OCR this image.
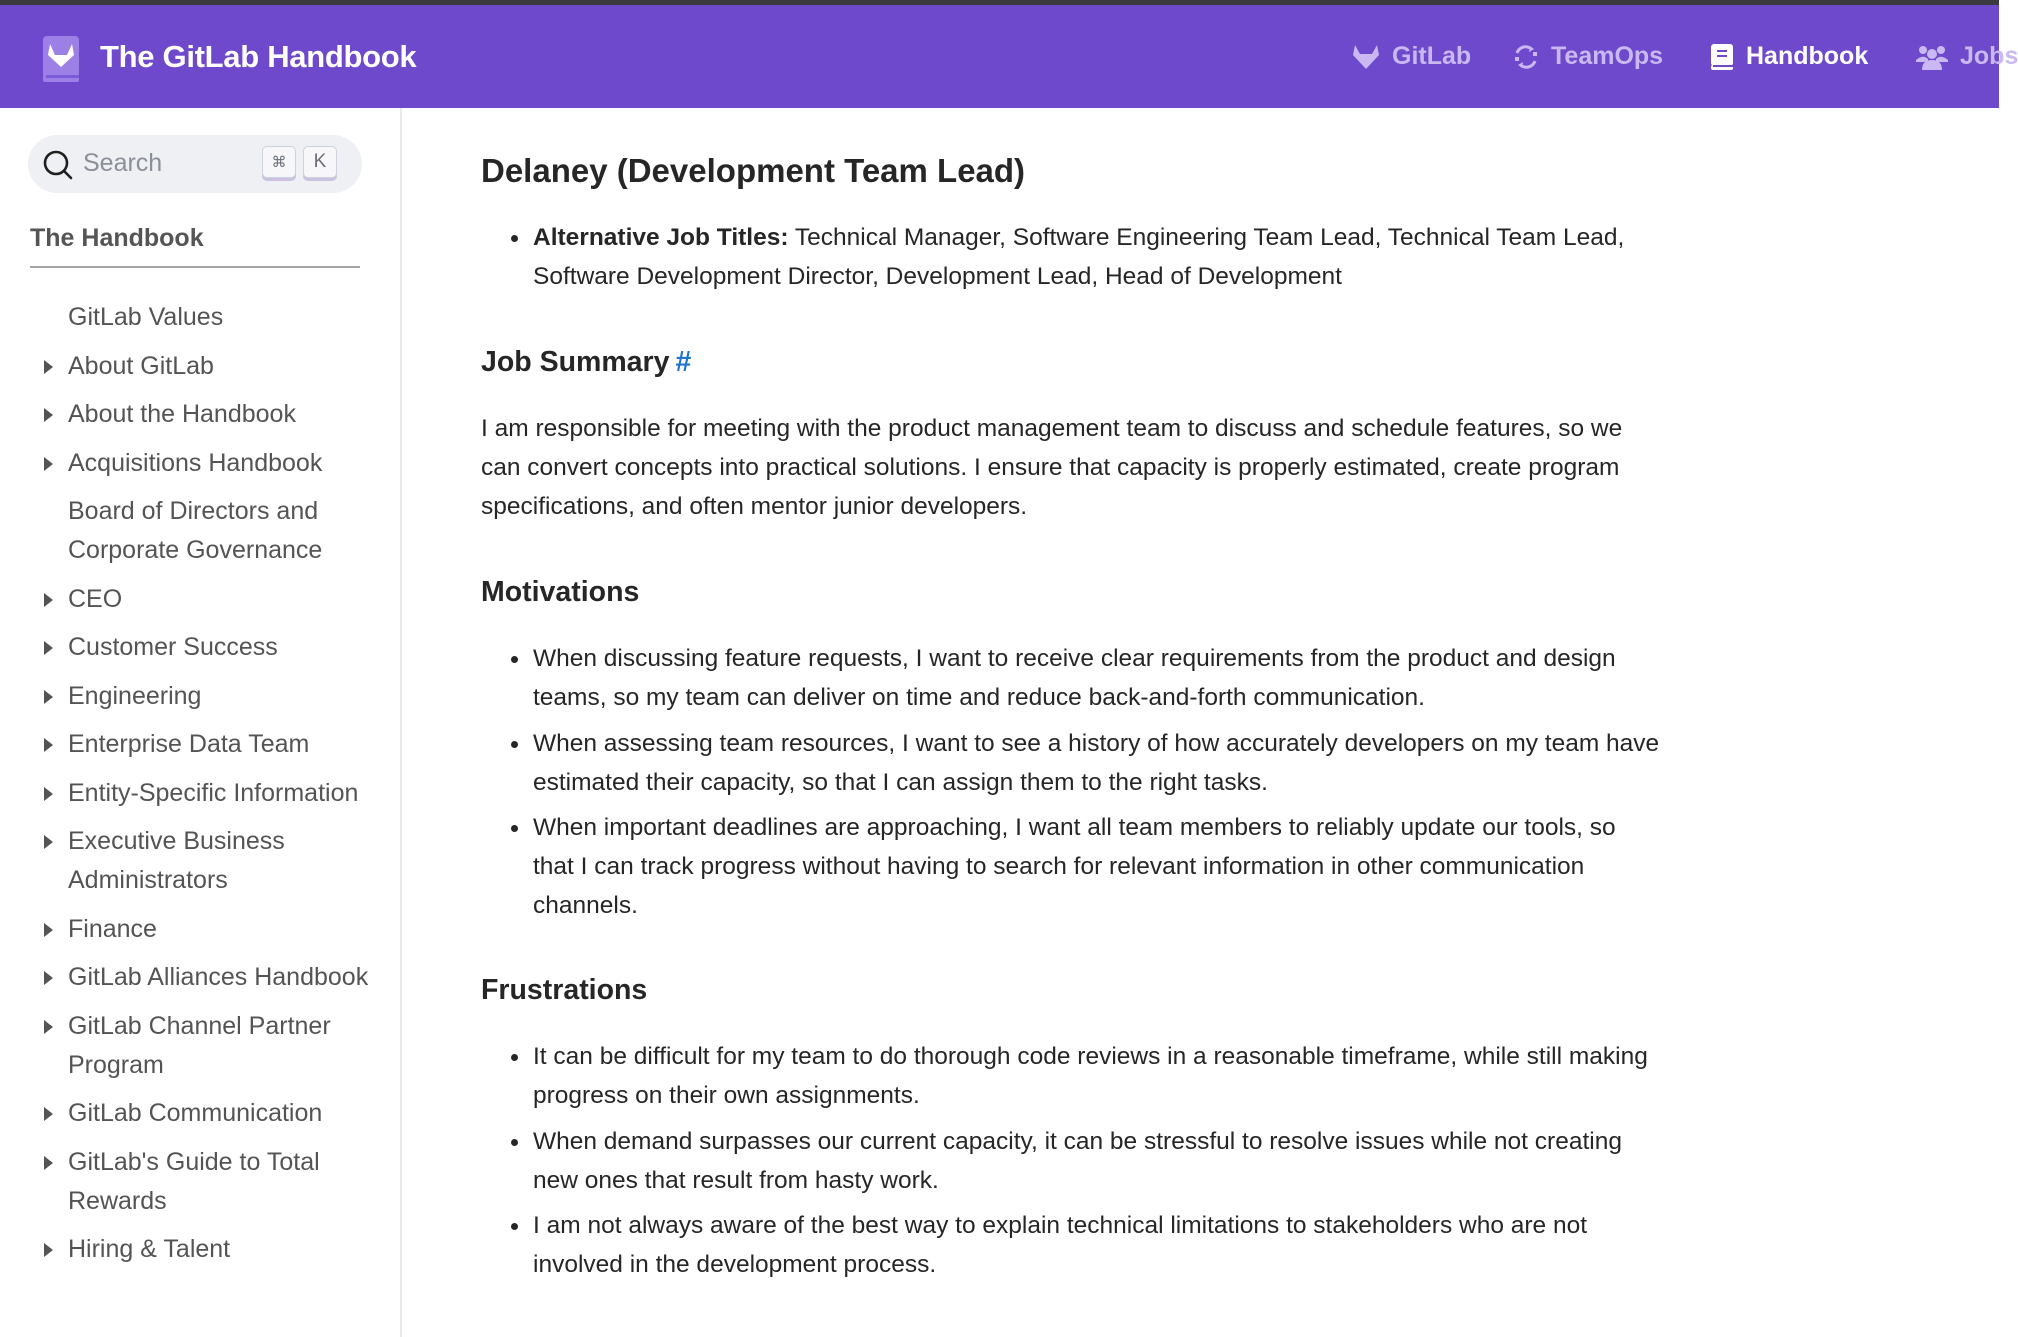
The GitLab Handbook	GitLab	TeamOps	Handbook	Jobs
Search	⌘	K
The Handbook
GitLab Values
About GitLab
About the Handbook
Acquisitions Handbook
Board of Directors and Corporate Governance
CEO
Customer Success
Engineering
Enterprise Data Team
Entity-Specific Information
Executive Business Administrators
Finance
GitLab Alliances Handbook
GitLab Channel Partner Program
GitLab Communication
GitLab's Guide to Total Rewards
Hiring & Talent
Delaney (Development Team Lead)
Alternative Job Titles: Technical Manager, Software Engineering Team Lead, Technical Team Lead, Software Development Director, Development Lead, Head of Development
Job Summary #

I am responsible for meeting with the product management team to discuss and schedule features, so we can convert concepts into practical solutions. I ensure that capacity is properly estimated, create program specifications, and often mentor junior developers.

Motivations
When discussing feature requests, I want to receive clear requirements from the product and design teams, so my team can deliver on time and reduce back-and-forth communication.
When assessing team resources, I want to see a history of how accurately developers on my team have estimated their capacity, so that I can assign them to the right tasks.
When important deadlines are approaching, I want all team members to reliably update our tools, so that I can track progress without having to search for relevant information in other communication channels.
Frustrations
It can be difficult for my team to do thorough code reviews in a reasonable timeframe, while still making progress on their own assignments.
When demand surpasses our current capacity, it can be stressful to resolve issues while not creating new ones that result from hasty work.
I am not always aware of the best way to explain technical limitations to stakeholders who are not involved in the development process.
